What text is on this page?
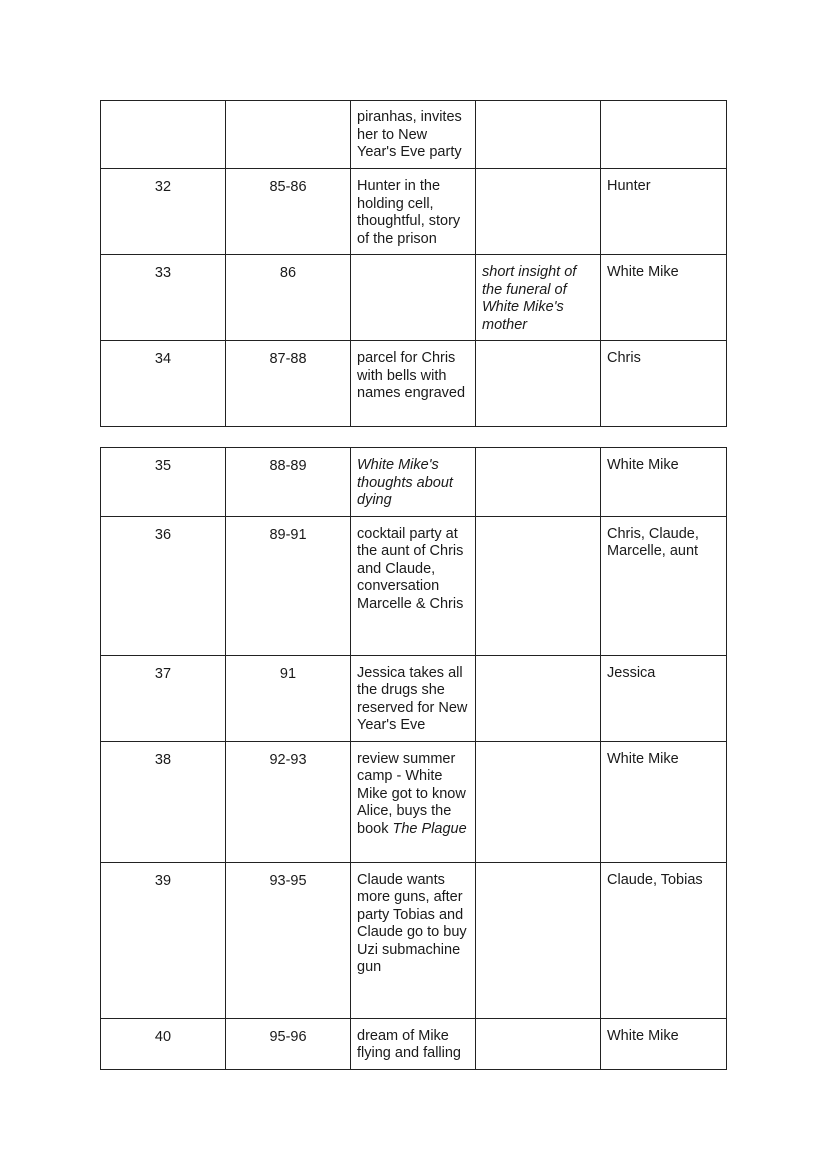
		piranhas, invites her to New Year's Eve party		
32	85-86	Hunter in the holding cell, thoughtful, story of the prison		Hunter
33	86		short insight of the funeral of White Mike's mother	White Mike
34	87-88	parcel for Chris with bells with names engraved		Chris
35	88-89	White Mike's thoughts about dying		White Mike
36	89-91	cocktail party at the aunt of Chris and Claude, conversation Marcelle & Chris		Chris, Claude, Marcelle, aunt
37	91	Jessica takes all the drugs she reserved for New Year's Eve		Jessica
38	92-93	review summer camp - White Mike got to know Alice, buys the book The Plague		White Mike
39	93-95	Claude wants more guns, after party Tobias and Claude go to buy Uzi submachine gun		Claude, Tobias
40	95-96	dream of Mike flying and falling		White Mike
